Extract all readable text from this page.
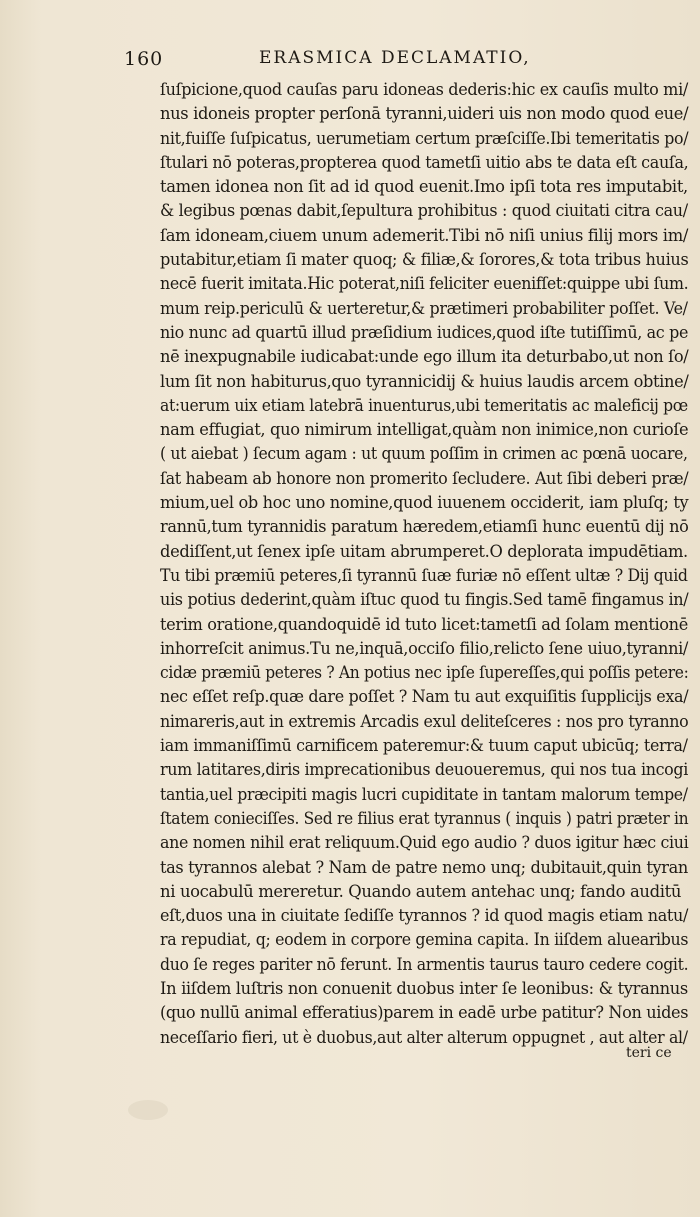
160	ERASMICA DECLAMATIO,
ſuſpicione,quod cauſas paru idoneas dederis:hic ex cauſis multo mi/
nus idoneis propter perſonā tyranni,uideri uis non modo quod eue/
nit,fuiſſe ſuſpicatus, uerumetiam certum præſciſſe.Ibi temeritatis po/
ſtulari nō poteras,propterea quod tametſi uitio abs te data eſt cauſa,
tamen idonea non ſit ad id quod euenit.Imo ipſi tota res imputabit,
& legibus pœnas dabit,ſepultura prohibitus : quod ciuitati citra cau/
ſam idoneam,ciuem unum ademerit.Tibi nō niſi unius filij mors im/
putabitur,etiam ſi mater quoq; & filiæ,& ſorores,& tota tribus huius
necē fuerit imitata.Hic poterat,niſi feliciter euenifſet:quippe ubi ſum.
mum reip.periculū & uerteretur,& prætimeri probabiliter poſſet. Ve/
nio nunc ad quartū illud præſidium iudices,quod iſte tutiſſimū, ac pe
nē inexpugnabile iudicabat:unde ego illum ita deturbabo,ut non ſo/
lum ſit non habiturus,quo tyrannicidij & huius laudis arcem obtine/
at:uerum uix etiam latebrā inuenturus,ubi temeritatis ac maleficij pœ
nam effugiat, quo nimirum intelligat,quàm non inimice,non curioſe
( ut aiebat ) ſecum agam : ut quum poſſim in crimen ac pœnā uocare,
ſat habeam ab honore non promerito ſecludere. Aut ſibi deberi præ/
mium,uel ob hoc uno nomine,quod iuuenem occiderit, iam pluſq; ty
rannū,tum tyrannidis paratum hæredem,etiamſi hunc euentū dij nō
dediſſent,ut ſenex ipſe uitam abrumperet.O deplorata impudētiam.
Tu tibi præmiū peteres,ſi tyrannū ſuæ furiæ nō eſſent ultæ ? Dij quid
uis potius dederint,quàm iſtuc quod tu fingis.Sed tamē fingamus in/
terim oratione,quandoquidē id tuto licet:tametſi ad ſolam mentionē
inhorreſcit animus.Tu ne,inquā,occiſo filio,relicto ſene uiuo,tyranni/
cidæ præmiū peteres ? An potius nec ipſe ſupereſſes,qui poſſis petere:
nec eſſet reſp.quæ dare poſſet ? Nam tu aut exquiſitis ſupplicijs exa/
nimareris,aut in extremis Arcadis exul deliteſceres : nos pro tyranno
iam immaniſſimū carnificem pateremur:& tuum caput ubicūq; terra/
rum latitares,diris imprecationibus deuoueremus, qui nos tua incogi
tantia,uel præcipiti magis lucri cupiditate in tantam malorum tempe/
ſtatem conieciſſes. Sed re filius erat tyrannus ( inquis ) patri præter in
ane nomen nihil erat reliquum.Quid ego audio ? duos igitur hæc ciui
tas tyrannos alebat ? Nam de patre nemo unq; dubitauit,quin tyran
ni uocabulū mereretur. Quando autem antehac unq; fando auditū
eſt,duos una in ciuitate ſediſſe tyrannos ? id quod magis etiam natu/
ra repudiat, q; eodem in corpore gemina capita. In iiſdem aluearibus
duo ſe reges pariter nō ferunt. In armentis taurus tauro cedere cogit.
In iiſdem luſtris non conuenit duobus inter ſe leonibus: & tyrannus
(quo nullū animal efferatius)parem in eadē urbe patitur? Non uides
neceſſario fieri, ut è duobus,aut alter alterum oppugnet , aut alter al/
teri ce
